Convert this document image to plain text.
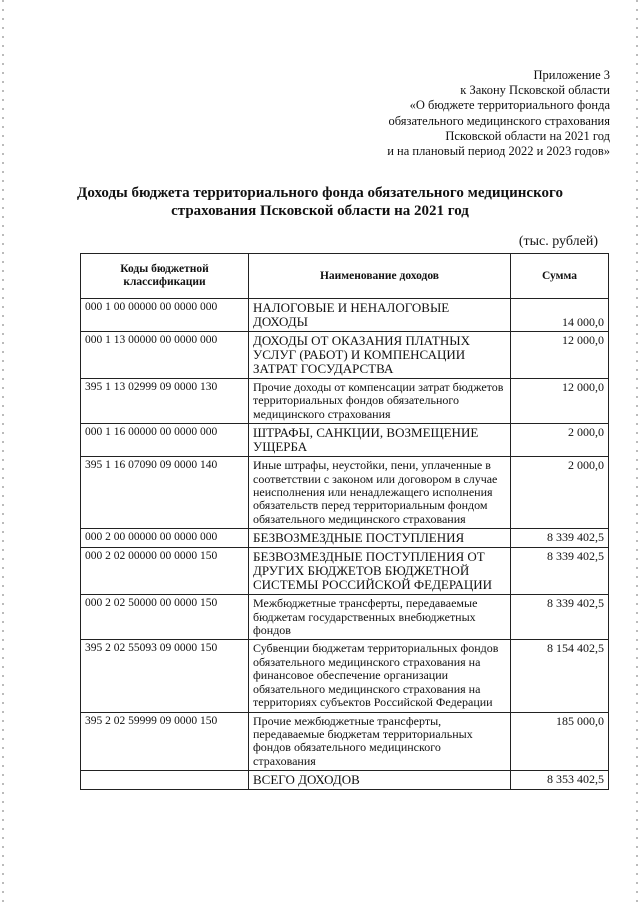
Приложение 3
к Закону Псковской области
«О бюджете территориального фонда
обязательного медицинского страхования
Псковской области на 2021 год
и на плановый период 2022 и 2023 годов»
Доходы бюджета территориального фонда обязательного медицинского
страхования Псковской области на 2021 год
(тыс. рублей)
Коды бюджетной классификации	Наименование доходов	Сумма
000 1 00 00000 00 0000 000	НАЛОГОВЫЕ И НЕНАЛОГОВЫЕ ДОХОДЫ	14 000,0
000 1 13 00000 00 0000 000	ДОХОДЫ ОТ ОКАЗАНИЯ ПЛАТНЫХ УСЛУГ (РАБОТ) И КОМПЕНСАЦИИ ЗАТРАТ ГОСУДАРСТВА	12 000,0
395 1 13 02999 09 0000 130	Прочие доходы от компенсации затрат бюджетов территориальных фондов обязательного медицинского страхования	12 000,0
000 1 16 00000 00 0000 000	ШТРАФЫ, САНКЦИИ, ВОЗМЕЩЕНИЕ УЩЕРБА	2 000,0
395 1 16 07090 09 0000 140	Иные штрафы, неустойки, пени, уплаченные в соответствии с законом или договором в случае неисполнения или ненадлежащего исполнения обязательств перед территориальным фондом обязательного медицинского страхования	2 000,0
000 2 00 00000 00 0000 000	БЕЗВОЗМЕЗДНЫЕ ПОСТУПЛЕНИЯ	8 339 402,5
000 2 02 00000 00 0000 150	БЕЗВОЗМЕЗДНЫЕ ПОСТУПЛЕНИЯ ОТ ДРУГИХ БЮДЖЕТОВ БЮДЖЕТНОЙ СИСТЕМЫ РОССИЙСКОЙ ФЕДЕРАЦИИ	8 339 402,5
000 2 02 50000 00 0000 150	Межбюджетные трансферты, передаваемые бюджетам государственных внебюджетных фондов	8 339 402,5
395 2 02 55093 09 0000 150	Субвенции бюджетам территориальных фондов обязательного медицинского страхования на финансовое обеспечение организации обязательного медицинского страхования на территориях субъектов Российской Федерации	8 154 402,5
395 2 02 59999 09 0000 150	Прочие межбюджетные трансферты, передаваемые бюджетам территориальных фондов обязательного медицинского страхования	185 000,0
	ВСЕГО ДОХОДОВ	8 353 402,5
